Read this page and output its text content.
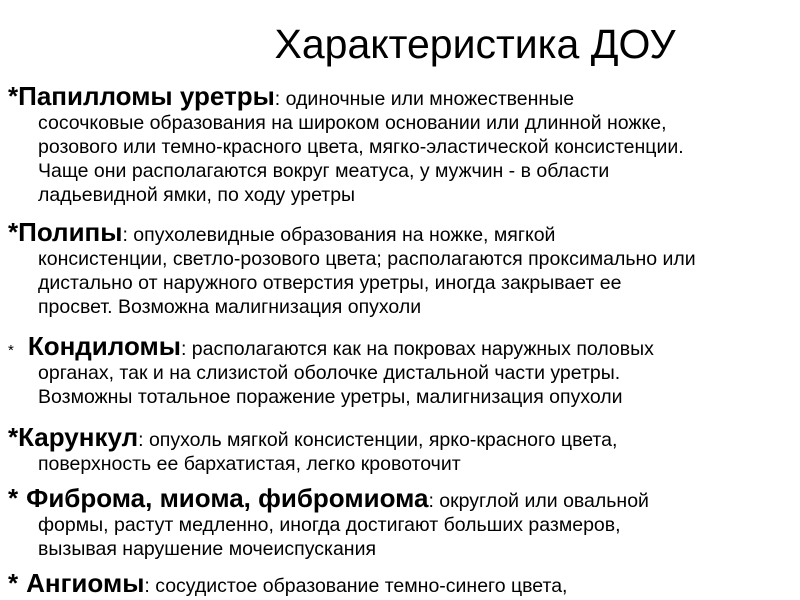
Характеристика ДОУ
*Папилломы уретры: одиночные или множественные
сосочковые образования на широком основании или длинной ножке,
розового или темно-красного цвета, мягко-эластической консистенции.
Чаще они располагаются вокруг меатуса, у мужчин - в области
ладьевидной ямки, по ходу уретры
*Полипы: опухолевидные образования на ножке, мягкой
консистенции, светло-розового цвета; располагаются проксимально или
дистально от наружного отверстия уретры, иногда закрывает ее
просвет. Возможна малигнизация опухоли
* Кондиломы: располагаются как на покровах наружных половых
органах, так и на слизистой оболочке дистальной части уретры.
Возможны тотальное поражение уретры, малигнизация опухоли
*Карункул: опухоль мягкой консистенции, ярко-красного цвета,
поверхность ее бархатистая, легко кровоточит
* Фиброма, миома, фибромиома: округлой или овальной
формы, растут медленно, иногда достигают больших размеров,
вызывая нарушение мочеиспускания
* Ангиомы: сосудистое образование темно-синего цвета,
